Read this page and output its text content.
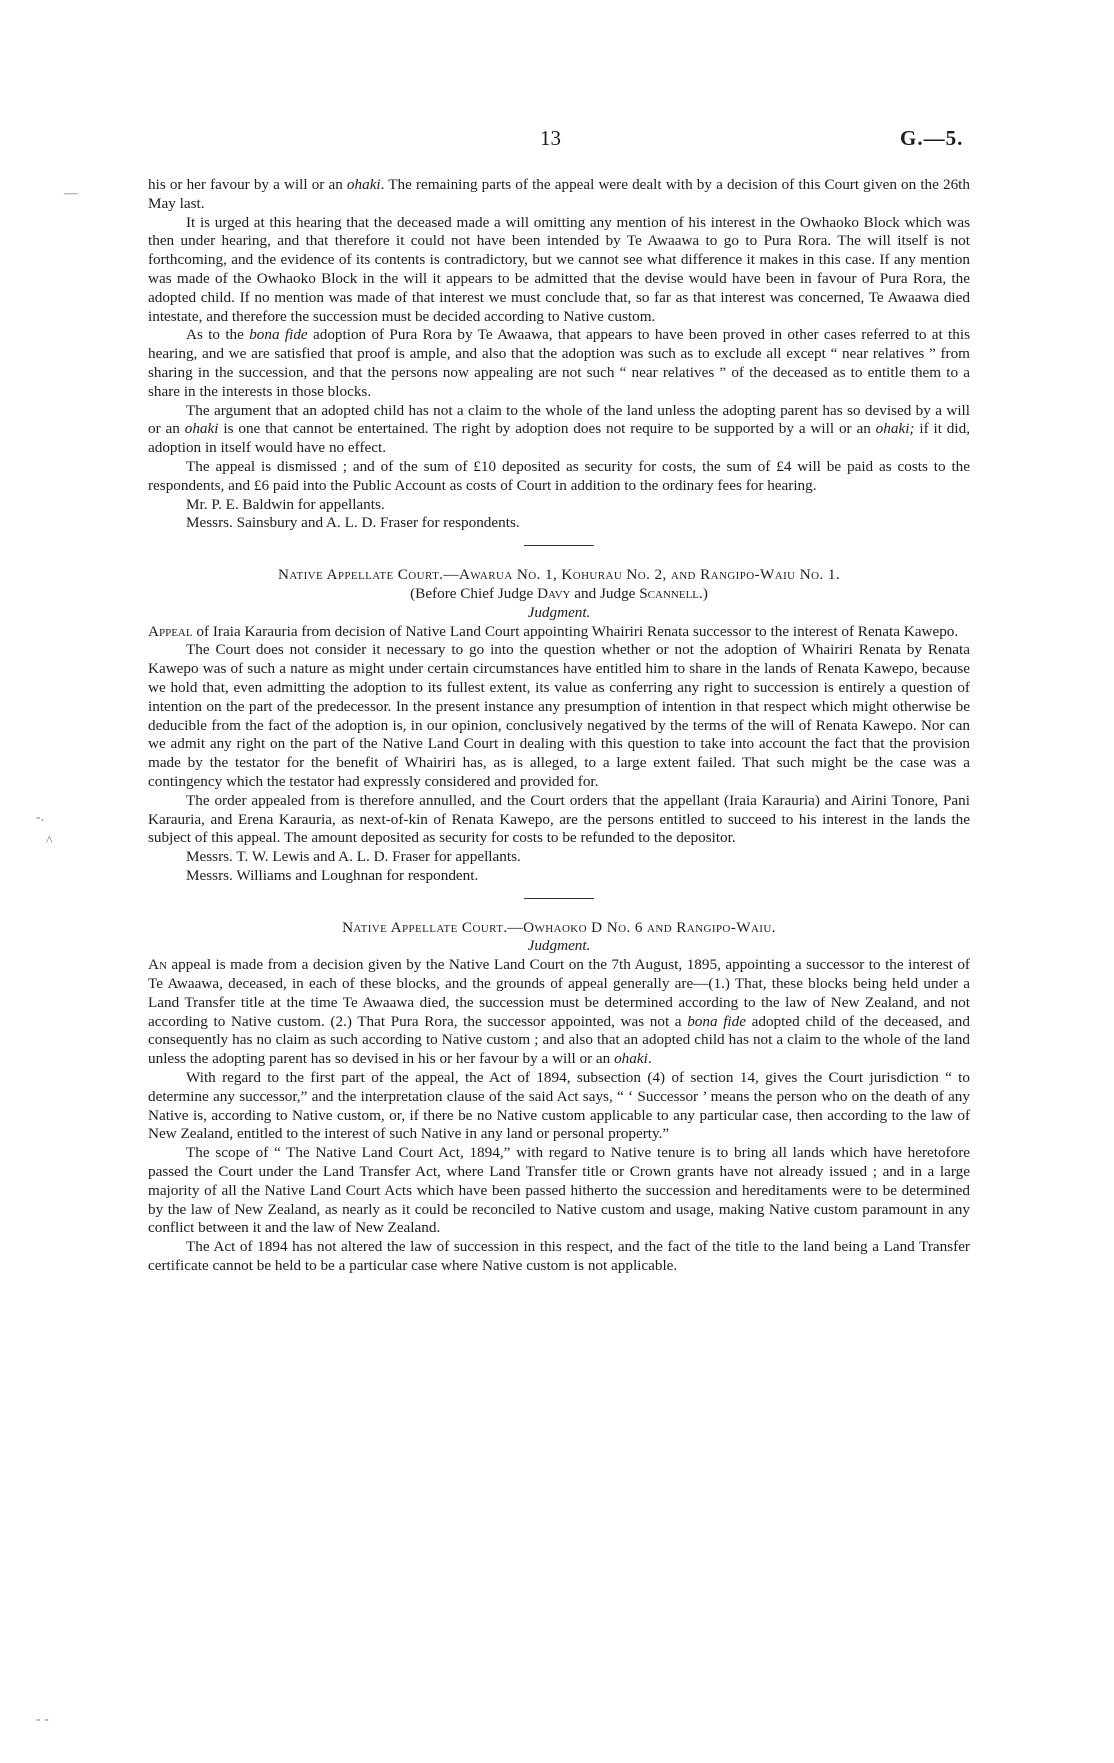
13	G.—5.
—
-.
^
- -

his or her favour by a will or an ohaki. The remaining parts of the appeal were dealt with by a decision of this Court given on the 26th May last.

It is urged at this hearing that the deceased made a will omitting any mention of his interest in the Owhaoko Block which was then under hearing, and that therefore it could not have been intended by Te Awaawa to go to Pura Rora. The will itself is not forthcoming, and the evidence of its contents is contradictory, but we cannot see what difference it makes in this case. If any mention was made of the Owhaoko Block in the will it appears to be admitted that the devise would have been in favour of Pura Rora, the adopted child. If no mention was made of that interest we must conclude that, so far as that interest was concerned, Te Awaawa died intestate, and therefore the succession must be decided according to Native custom.

As to the bona fide adoption of Pura Rora by Te Awaawa, that appears to have been proved in other cases referred to at this hearing, and we are satisfied that proof is ample, and also that the adoption was such as to exclude all except “ near relatives ” from sharing in the succession, and that the persons now appealing are not such “ near relatives ” of the deceased as to entitle them to a share in the interests in those blocks.

The argument that an adopted child has not a claim to the whole of the land unless the adopting parent has so devised by a will or an ohaki is one that cannot be entertained. The right by adoption does not require to be supported by a will or an ohaki; if it did, adoption in itself would have no effect.

The appeal is dismissed ; and of the sum of £10 deposited as security for costs, the sum of £4 will be paid as costs to the respondents, and £6 paid into the Public Account as costs of Court in addition to the ordinary fees for hearing.

Mr. P. E. Baldwin for appellants.

Messrs. Sainsbury and A. L. D. Fraser for respondents.

Native Appellate Court.—Awarua No. 1, Kohurau No. 2, and Rangipo-Waiu No. 1.

(Before Chief Judge Davy and Judge Scannell.)

Judgment.

Appeal of Iraia Karauria from decision of Native Land Court appointing Whairiri Renata successor to the interest of Renata Kawepo.

The Court does not consider it necessary to go into the question whether or not the adoption of Whairiri Renata by Renata Kawepo was of such a nature as might under certain circumstances have entitled him to share in the lands of Renata Kawepo, because we hold that, even admitting the adoption to its fullest extent, its value as conferring any right to succession is entirely a question of intention on the part of the predecessor. In the present instance any presumption of intention in that respect which might otherwise be deducible from the fact of the adoption is, in our opinion, conclusively negatived by the terms of the will of Renata Kawepo. Nor can we admit any right on the part of the Native Land Court in dealing with this question to take into account the fact that the provision made by the testator for the benefit of Whairiri has, as is alleged, to a large extent failed. That such might be the case was a contingency which the testator had expressly considered and provided for.

The order appealed from is therefore annulled, and the Court orders that the appellant (Iraia Karauria) and Airini Tonore, Pani Karauria, and Erena Karauria, as next-of-kin of Renata Kawepo, are the persons entitled to succeed to his interest in the lands the subject of this appeal. The amount deposited as security for costs to be refunded to the depositor.

Messrs. T. W. Lewis and A. L. D. Fraser for appellants.

Messrs. Williams and Loughnan for respondent.

Native Appellate Court.—Owhaoko D No. 6 and Rangipo-Waiu.

Judgment.

An appeal is made from a decision given by the Native Land Court on the 7th August, 1895, appointing a successor to the interest of Te Awaawa, deceased, in each of these blocks, and the grounds of appeal generally are—(1.) That, these blocks being held under a Land Transfer title at the time Te Awaawa died, the succession must be determined according to the law of New Zealand, and not according to Native custom. (2.) That Pura Rora, the successor appointed, was not a bona fide adopted child of the deceased, and consequently has no claim as such according to Native custom ; and also that an adopted child has not a claim to the whole of the land unless the adopting parent has so devised in his or her favour by a will or an ohaki.

With regard to the first part of the appeal, the Act of 1894, subsection (4) of section 14, gives the Court jurisdiction “ to determine any successor,” and the interpretation clause of the said Act says, “ ‘ Successor ’ means the person who on the death of any Native is, according to Native custom, or, if there be no Native custom applicable to any particular case, then according to the law of New Zealand, entitled to the interest of such Native in any land or personal property.”

The scope of “ The Native Land Court Act, 1894,” with regard to Native tenure is to bring all lands which have heretofore passed the Court under the Land Transfer Act, where Land Transfer title or Crown grants have not already issued ; and in a large majority of all the Native Land Court Acts which have been passed hitherto the succession and hereditaments were to be determined by the law of New Zealand, as nearly as it could be reconciled to Native custom and usage, making Native custom paramount in any conflict between it and the law of New Zealand.

The Act of 1894 has not altered the law of succession in this respect, and the fact of the title to the land being a Land Transfer certificate cannot be held to be a particular case where Native custom is not applicable.
